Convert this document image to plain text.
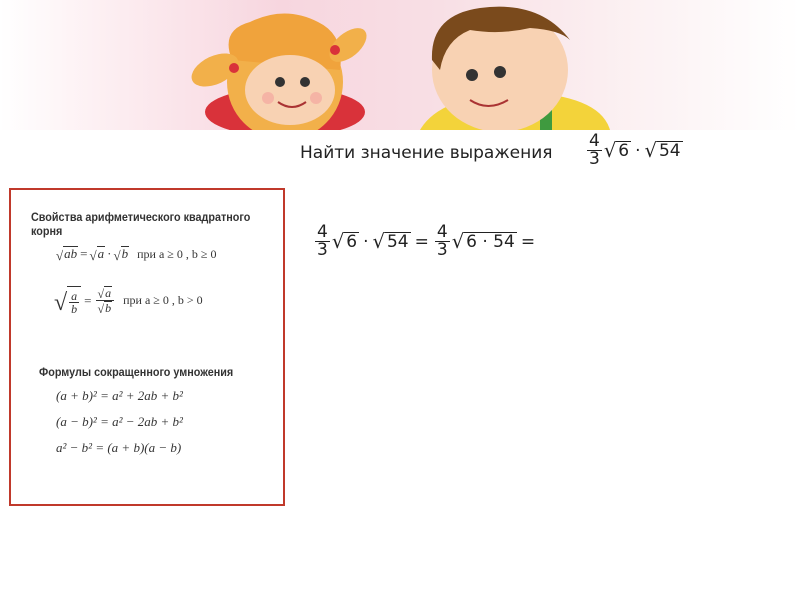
Найти значение выражения $\frac{4}{3}$ √ 6 · √ 54
$\frac{4}{3}$ √ 6 · √ $54 = \frac{4}{3}$ √ 6 · 54 =
Свойства арифметического квадратного корня
√ ab = √ a · √ b при a ≥ 0 , b ≥ 0
√ $\frac{a}{b} = \frac{√ a}{√ b}$ при a ≥ 0 , b > 0
Формулы сокращенного умножения
(a + b)² = a² + 2ab + b²
(a − b)² = a² − 2ab + b²
a² − b² = (a + b)(a − b)
